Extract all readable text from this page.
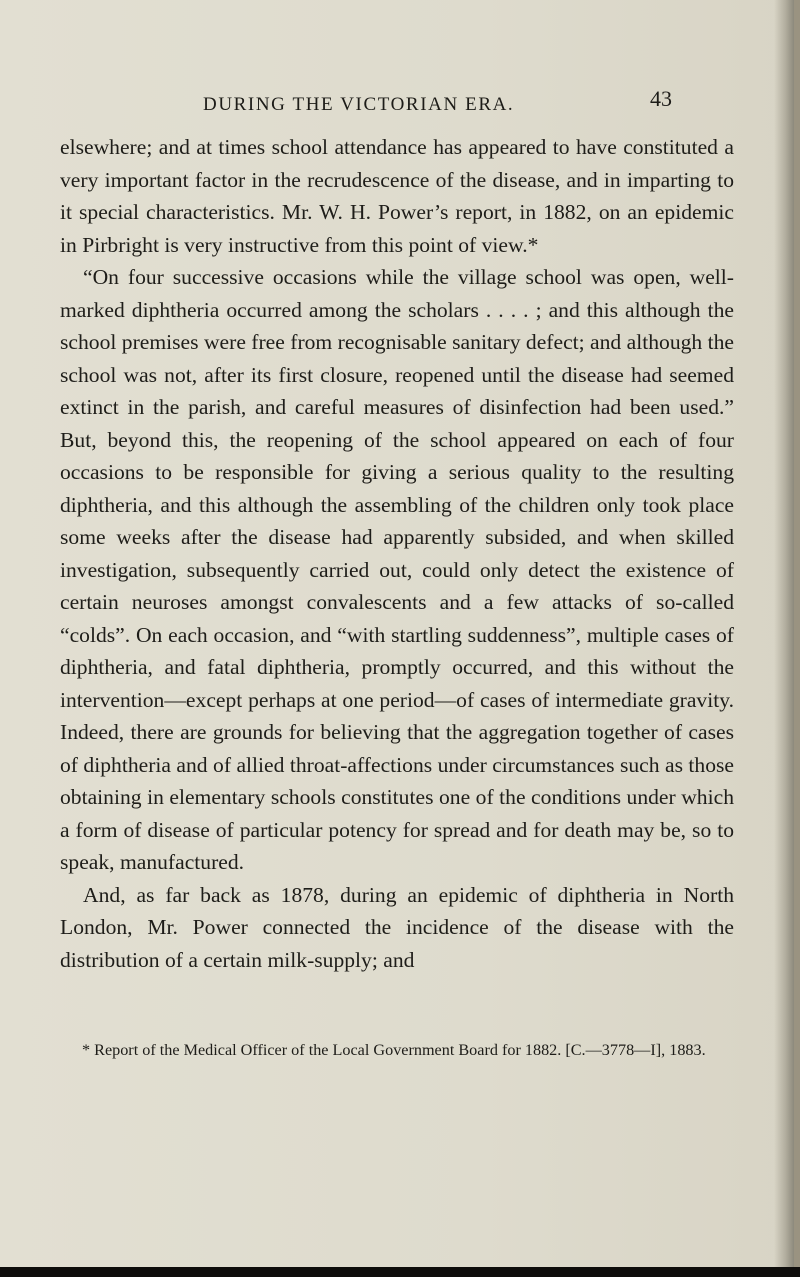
DURING THE VICTORIAN ERA.	43

elsewhere; and at times school attendance has appeared to have constituted a very important factor in the recrudescence of the disease, and in imparting to it special characteristics. Mr. W. H. Power’s report, in 1882, on an epidemic in Pirbright is very instructive from this point of view.*

“On four successive occasions while the village school was open, well-marked diphtheria occurred among the scholars . . . . ; and this although the school premises were free from recognisable sanitary defect; and although the school was not, after its first closure, reopened until the disease had seemed extinct in the parish, and careful measures of disinfection had been used.” But, beyond this, the reopening of the school appeared on each of four occasions to be responsible for giving a serious quality to the resulting diphtheria, and this although the assembling of the children only took place some weeks after the disease had apparently subsided, and when skilled investigation, subsequently carried out, could only detect the existence of certain neuroses amongst convalescents and a few attacks of so-called “colds”. On each occasion, and “with startling suddenness”, multiple cases of diphtheria, and fatal diphtheria, promptly occurred, and this without the intervention—except perhaps at one period—of cases of intermediate gravity. Indeed, there are grounds for believing that the aggregation together of cases of diphtheria and of allied throat-affections under circumstances such as those obtaining in elementary schools constitutes one of the conditions under which a form of disease of particular potency for spread and for death may be, so to speak, manufactured.

And, as far back as 1878, during an epidemic of diphtheria in North London, Mr. Power connected the incidence of the disease with the distribution of a certain milk-supply; and

* Report of the Medical Officer of the Local Government Board for 1882. [C.—3778—I], 1883.
